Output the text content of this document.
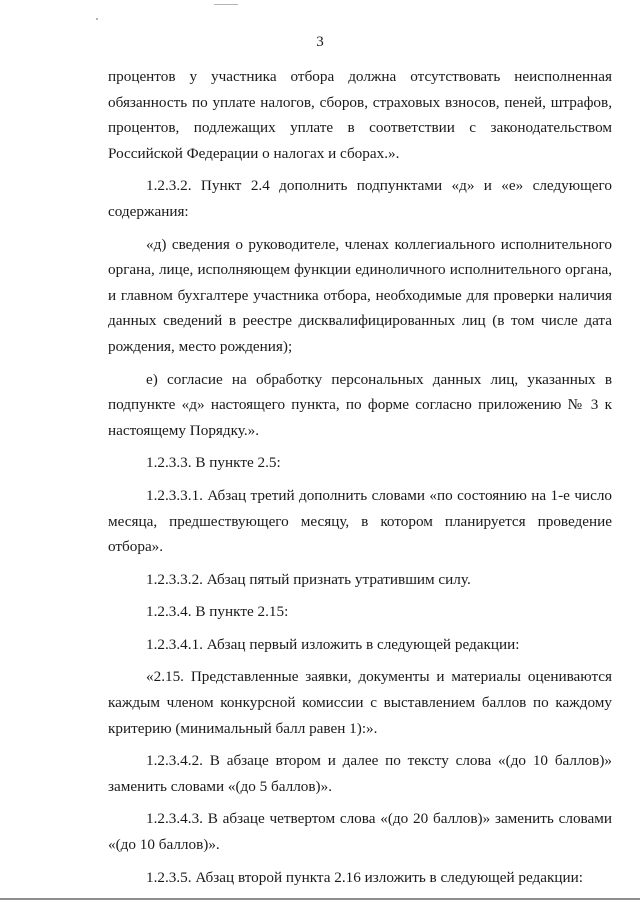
3

процентов у участника отбора должна отсутствовать неисполненная обязанность по уплате налогов, сборов, страховых взносов, пеней, штрафов, процентов, подлежащих уплате в соответствии с законодательством Российской Федерации о налогах и сборах.».

1.2.3.2. Пункт 2.4 дополнить подпунктами «д» и «е» следующего содержания:

«д) сведения о руководителе, членах коллегиального исполнительного органа, лице, исполняющем функции единоличного исполнительного органа, и главном бухгалтере участника отбора, необходимые для проверки наличия данных сведений в реестре дисквалифицированных лиц (в том числе дата рождения, место рождения);

е) согласие на обработку персональных данных лиц, указанных в подпункте «д» настоящего пункта, по форме согласно приложению № 3 к настоящему Порядку.».

1.2.3.3. В пункте 2.5:

1.2.3.3.1. Абзац третий дополнить словами «по состоянию на 1-е число месяца, предшествующего месяцу, в котором планируется проведение отбора».

1.2.3.3.2. Абзац пятый признать утратившим силу.

1.2.3.4. В пункте 2.15:

1.2.3.4.1. Абзац первый изложить в следующей редакции:

«2.15. Представленные заявки, документы и материалы оцениваются каждым членом конкурсной комиссии с выставлением баллов по каждому критерию (минимальный балл равен 1):».

1.2.3.4.2. В абзаце втором и далее по тексту слова «(до 10 баллов)» заменить словами «(до 5 баллов)».

1.2.3.4.3. В абзаце четвертом слова «(до 20 баллов)» заменить словами «(до 10 баллов)».

1.2.3.5. Абзац второй пункта 2.16 изложить в следующей редакции:
